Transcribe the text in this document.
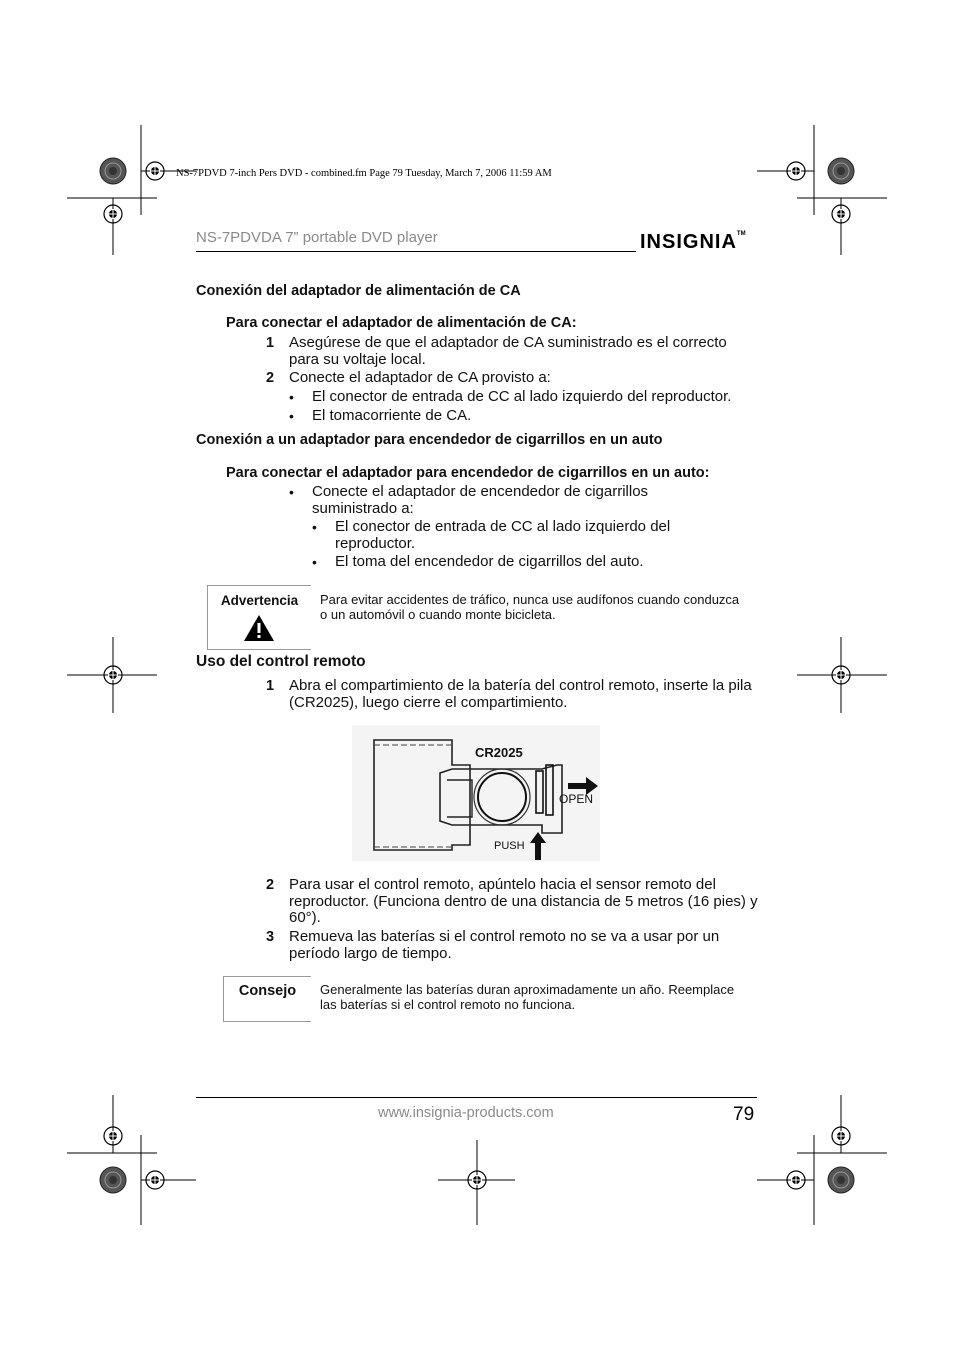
NS-7PDVD 7-inch Pers DVD - combined.fm Page 79 Tuesday, March 7, 2006 11:59 AM
NS-7PDVDA 7” portable DVD player	INSIGNIA™
Conexión del adaptador de alimentación de CA
Para conectar el adaptador de alimentación de CA:
1 Asegúrese de que el adaptador de CA suministrado es el correcto para su voltaje local.
2 Conecte el adaptador de CA provisto a:
• El conector de entrada de CC al lado izquierdo del reproductor.
• El tomacorriente de CA.
Conexión a un adaptador para encendedor de cigarrillos en un auto
Para conectar el adaptador para encendedor de cigarrillos en un auto:
• Conecte el adaptador de encendedor de cigarrillos suministrado a:
• El conector de entrada de CC al lado izquierdo del reproductor.
• El toma del encendedor de cigarrillos del auto.
Advertencia	Para evitar accidentes de tráfico, nunca use audífonos cuando conduzca o un automóvil o cuando monte bicicleta.
Uso del control remoto
1 Abra el compartimiento de la batería del control remoto, inserte la pila (CR2025), luego cierre el compartimiento.
CR2025
OPEN
PUSH
2 Para usar el control remoto, apúntelo hacia el sensor remoto del reproductor. (Funciona dentro de una distancia de 5 metros (16 pies) y 60°).
3 Remueva las baterías si el control remoto no se va a usar por un período largo de tiempo.
Consejo	Generalmente las baterías duran aproximadamente un año. Reemplace las baterías si el control remoto no funciona.
www.insignia-products.com	79
